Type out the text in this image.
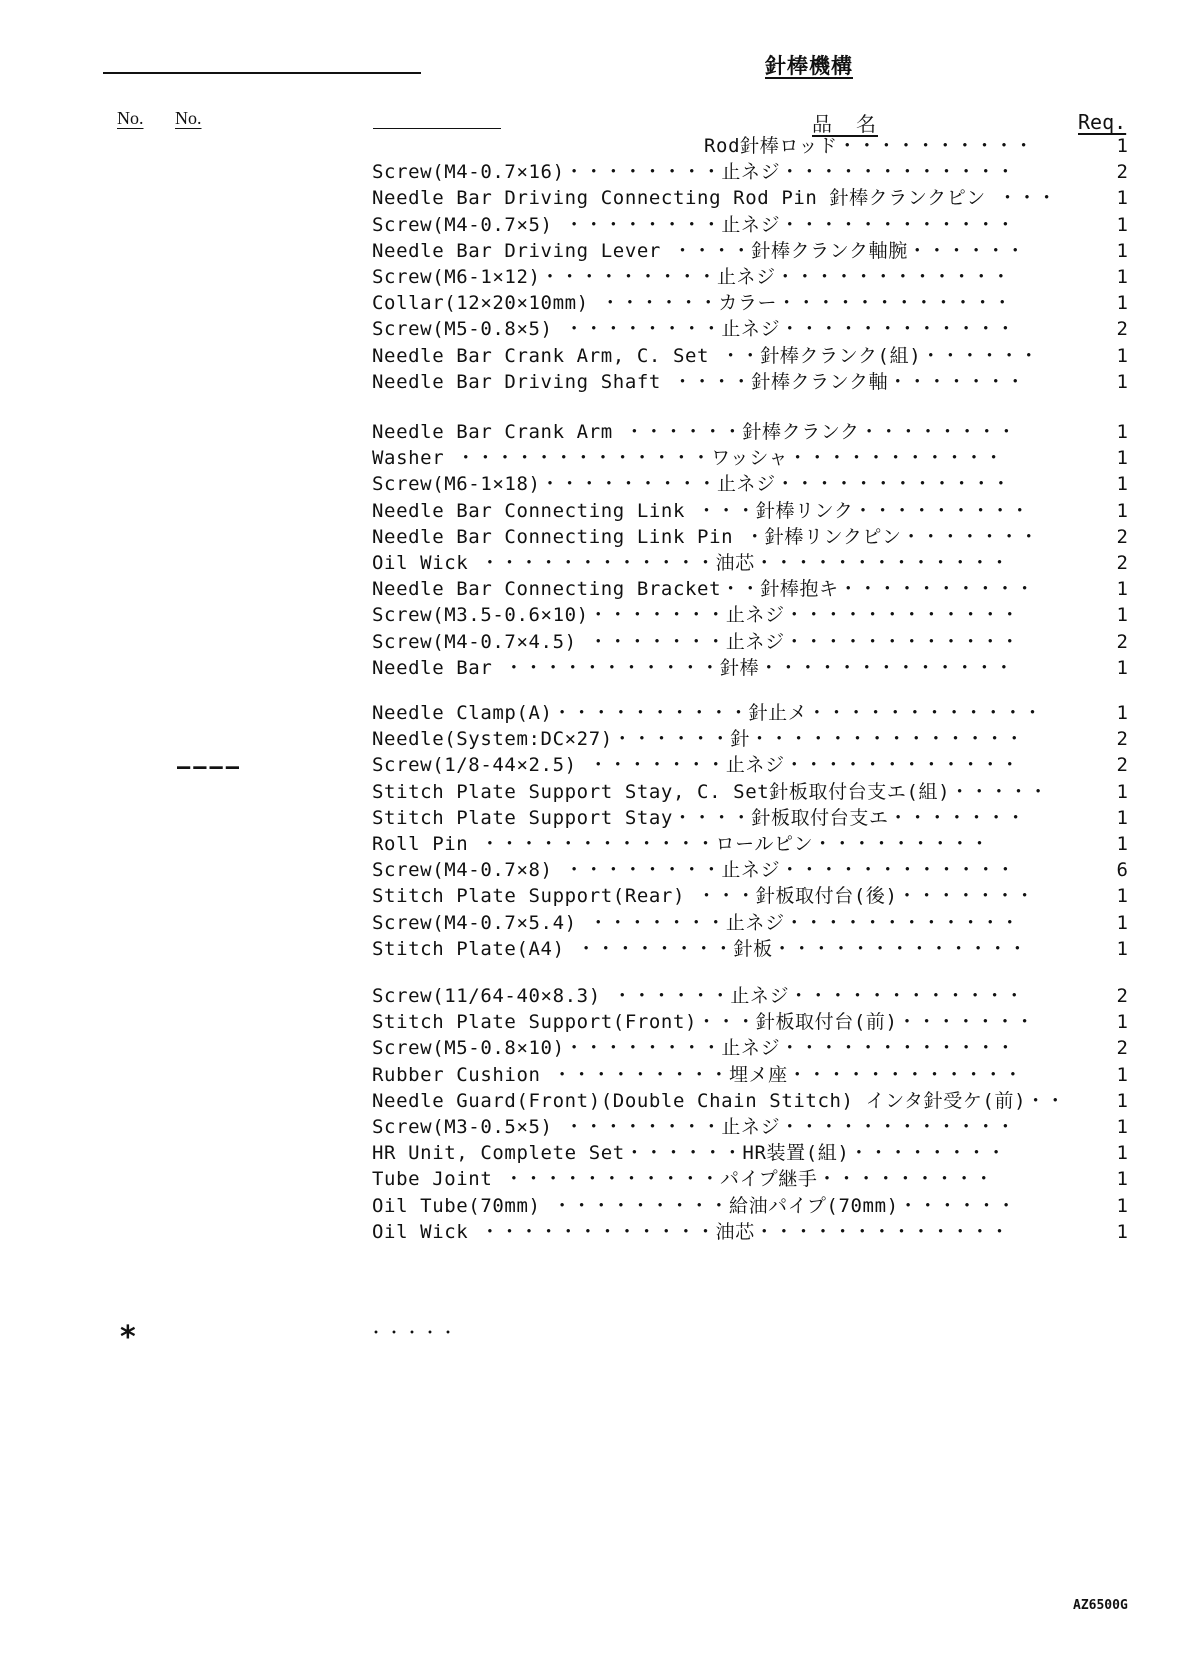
針棒機構
No. No.	品　名	Req.
Rod針棒ロッド・・・・・・・・・・	1
Screw(M4-0.7×16)・・・・・・・・止ネジ・・・・・・・・・・・・	2
Needle Bar Driving Connecting Rod Pin 針棒クランクピン ・・・	1
Screw(M4-0.7×5) ・・・・・・・・止ネジ・・・・・・・・・・・・	1
Needle Bar Driving Lever ・・・・針棒クランク軸腕・・・・・・	1
Screw(M6-1×12)・・・・・・・・・止ネジ・・・・・・・・・・・・	1
Collar(12×20×10mm) ・・・・・・カラー・・・・・・・・・・・・	1
Screw(M5-0.8×5) ・・・・・・・・止ネジ・・・・・・・・・・・・	2
Needle Bar Crank Arm, C. Set ・・針棒クランク(組)・・・・・・	1
Needle Bar Driving Shaft ・・・・針棒クランク軸・・・・・・・	1
Needle Bar Crank Arm ・・・・・・針棒クランク・・・・・・・・	1
Washer ・・・・・・・・・・・・・ワッシャ・・・・・・・・・・・	1
Screw(M6-1×18)・・・・・・・・・止ネジ・・・・・・・・・・・・	1
Needle Bar Connecting Link ・・・針棒リンク・・・・・・・・・	1
Needle Bar Connecting Link Pin ・針棒リンクピン・・・・・・・	2
Oil Wick ・・・・・・・・・・・・油芯・・・・・・・・・・・・・	2
Needle Bar Connecting Bracket・・針棒抱キ・・・・・・・・・・	1
Screw(M3.5-0.6×10)・・・・・・・止ネジ・・・・・・・・・・・・	1
Screw(M4-0.7×4.5) ・・・・・・・止ネジ・・・・・・・・・・・・	2
Needle Bar ・・・・・・・・・・・針棒・・・・・・・・・・・・・	1
Needle Clamp(A)・・・・・・・・・・針止メ・・・・・・・・・・・・	1
Needle(System:DC×27)・・・・・・針・・・・・・・・・・・・・・	2
Screw(1/8-44×2.5) ・・・・・・・止ネジ・・・・・・・・・・・・	2
Stitch Plate Support Stay, C. Set針板取付台支エ(組)・・・・・	1
Stitch Plate Support Stay・・・・針板取付台支エ・・・・・・・	1
Roll Pin ・・・・・・・・・・・・ロールピン・・・・・・・・・	1
Screw(M4-0.7×8) ・・・・・・・・止ネジ・・・・・・・・・・・・	6
Stitch Plate Support(Rear) ・・・針板取付台(後)・・・・・・・	1
Screw(M4-0.7×5.4) ・・・・・・・止ネジ・・・・・・・・・・・・	1
Stitch Plate(A4) ・・・・・・・・針板・・・・・・・・・・・・・	1
Screw(11/64-40×8.3) ・・・・・・止ネジ・・・・・・・・・・・・	2
Stitch Plate Support(Front)・・・針板取付台(前)・・・・・・・	1
Screw(M5-0.8×10)・・・・・・・・止ネジ・・・・・・・・・・・・	2
Rubber Cushion ・・・・・・・・・埋メ座・・・・・・・・・・・・	1
Needle Guard(Front)(Double Chain Stitch) インタ針受ケ(前)・・	1
Screw(M3-0.5×5) ・・・・・・・・止ネジ・・・・・・・・・・・・	1
HR Unit, Complete Set・・・・・・HR装置(組)・・・・・・・・	1
Tube Joint ・・・・・・・・・・・パイプ継手・・・・・・・・・	1
Oil Tube(70mm) ・・・・・・・・・給油パイプ(70mm)・・・・・・	1
Oil Wick ・・・・・・・・・・・・油芯・・・・・・・・・・・・・	1
––––
*	・・・・・
AZ6500G
